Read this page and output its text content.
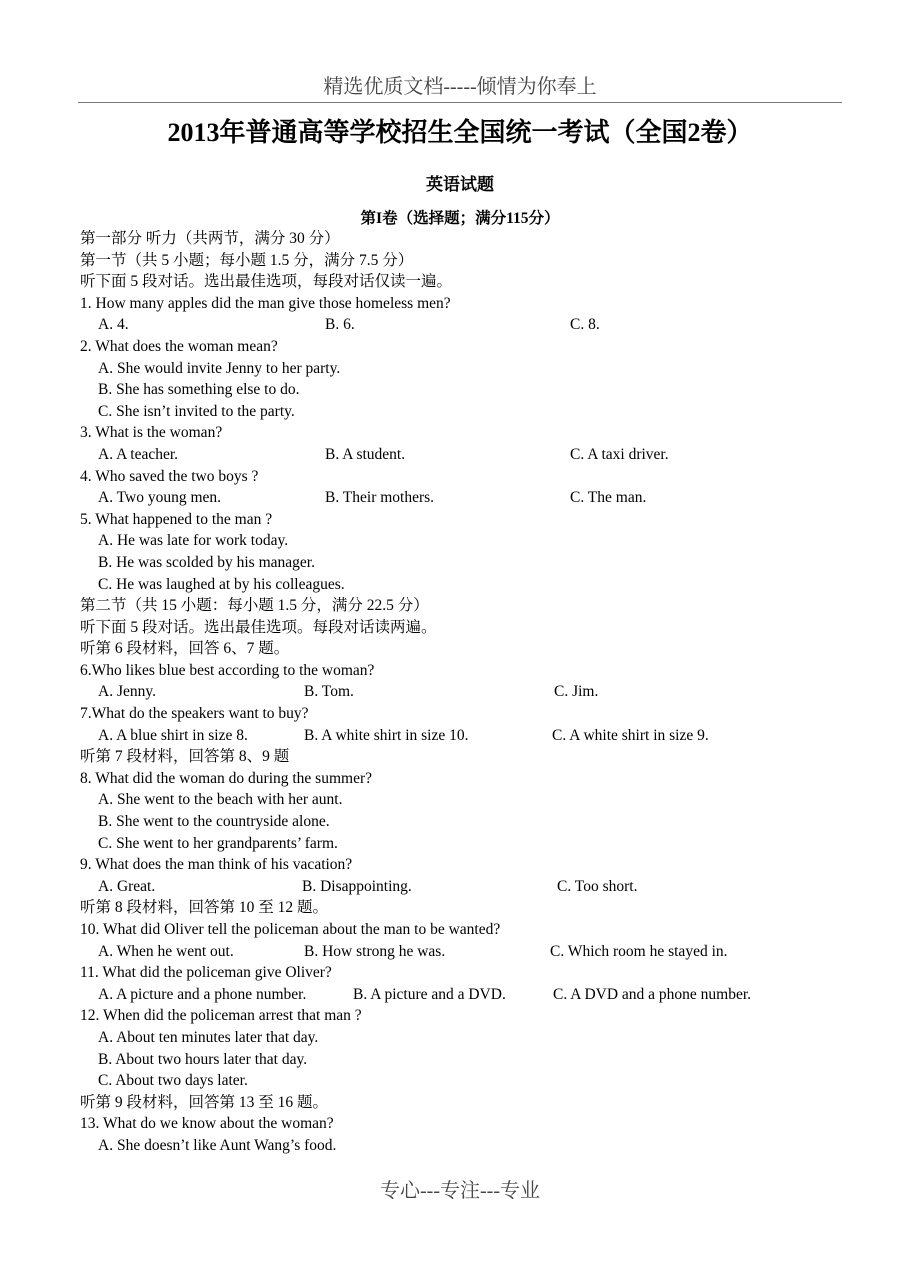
精选优质文档-----倾情为你奉上
2013年普通高等学校招生全国统一考试（全国2卷）
英语试题
第I卷（选择题；满分115分）
第一部分 听力（共两节，满分 30 分）
第一节（共 5 小题；每小题 1.5 分，满分 7.5 分）
听下面 5 段对话。选出最佳选项，每段对话仅读一遍。
1. How many apples did the man give those homeless men?
A. 4.	B. 6.	C. 8.
2. What does the woman mean?
A. She would invite Jenny to her party.
B. She has something else to do.
C. She isn’t invited to the party.
3. What is the woman?
A. A teacher.	B. A student.	C. A taxi driver.
4. Who saved the two boys ?
A. Two young men.	B. Their mothers.	C. The man.
5. What happened to the man ?
A. He was late for work today.
B. He was scolded by his manager.
C. He was laughed at by his colleagues.
第二节（共 15 小题：每小题 1.5 分，满分 22.5 分）
听下面 5 段对话。选出最佳选项。每段对话读两遍。
听第 6 段材料，回答 6、7 题。
6.Who likes blue best according to the woman?
A. Jenny.	B. Tom.	C. Jim.
7.What do the speakers want to buy?
A. A blue shirt in size 8.	B. A white shirt in size 10.	C. A white shirt in size 9.
听第 7 段材料，回答第 8、9 题
8. What did the woman do during the summer?
A. She went to the beach with her aunt.
B. She went to the countryside alone.
C. She went to her grandparents’ farm.
9. What does the man think of his vacation?
A. Great.	B. Disappointing.	C. Too short.
听第 8 段材料，回答第 10 至 12 题。
10. What did Oliver tell the policeman about the man to be wanted?
A. When he went out.	B. How strong he was.	C. Which room he stayed in.
11. What did the policeman give Oliver?
A. A picture and a phone number.	B. A picture and a DVD.	C. A DVD and a phone number.
12. When did the policeman arrest that man ?
A. About ten minutes later that day.
B. About two hours later that day.
C. About two days later.
听第 9 段材料，回答第 13 至 16 题。
13. What do we know about the woman?
A. She doesn’t like Aunt Wang’s food.
专心---专注---专业
